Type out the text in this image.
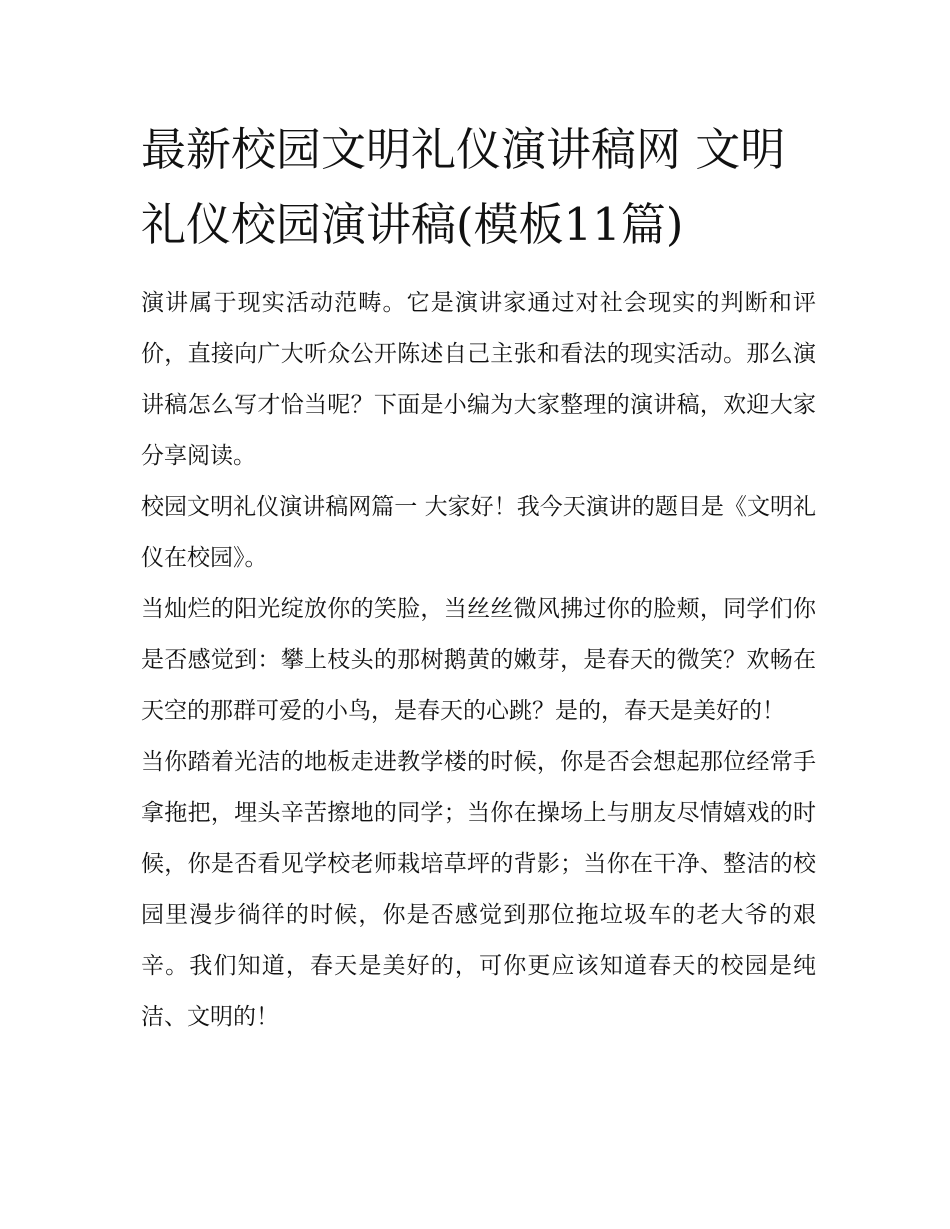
最新校园文明礼仪演讲稿网 文明礼仪校园演讲稿(模板11篇)

演讲属于现实活动范畴。它是演讲家通过对社会现实的判断和评价，直接向广大听众公开陈述自己主张和看法的现实活动。那么演讲稿怎么写才恰当呢？下面是小编为大家整理的演讲稿，欢迎大家分享阅读。

校园文明礼仪演讲稿网篇一 大家好！我今天演讲的题目是《文明礼仪在校园》。

当灿烂的阳光绽放你的笑脸，当丝丝微风拂过你的脸颊，同学们你是否感觉到：攀上枝头的那树鹅黄的嫩芽，是春天的微笑？欢畅在天空的那群可爱的小鸟，是春天的心跳？是的，春天是美好的！

当你踏着光洁的地板走进教学楼的时候，你是否会想起那位经常手拿拖把，埋头辛苦擦地的同学；当你在操场上与朋友尽情嬉戏的时候，你是否看见学校老师栽培草坪的背影；当你在干净、整洁的校园里漫步徜徉的时候，你是否感觉到那位拖垃圾车的老大爷的艰辛。我们知道，春天是美好的，可你更应该知道春天的校园是纯洁、文明的！
